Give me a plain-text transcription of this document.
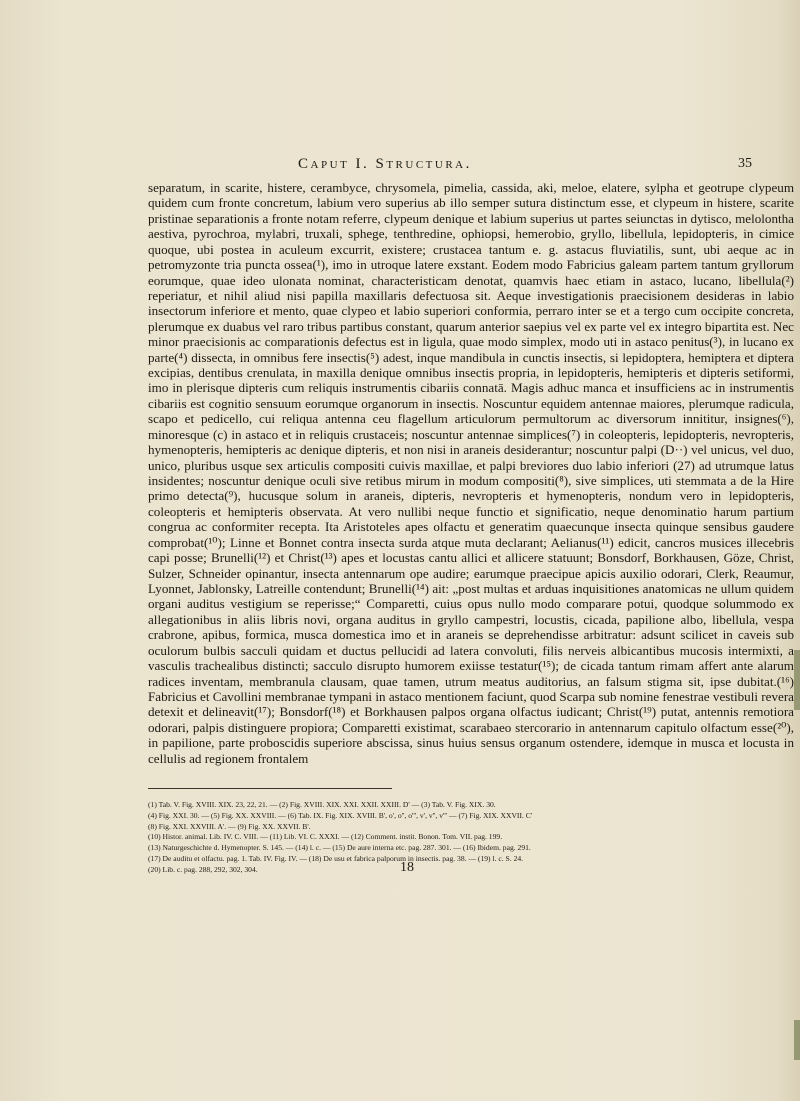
Caput I. Structura.	35

separatum, in scarite, histere, cerambyce, chrysomela, pimelia, cassida, aki, meloe, elatere, sylpha et geotrupe clypeum quidem cum fronte concretum, labium vero superius ab illo semper sutura distinctum esse, et clypeum in histere, scarite pristinae separationis a fronte notam referre, clypeum denique et labium superius ut partes seiunctas in dytisco, melolontha aestiva, pyrochroa, mylabri, truxali, sphege, tenthredine, ophiopsi, hemerobio, gryllo, libellula, lepidopteris, in cimice quoque, ubi postea in aculeum excurrit, existere; crustacea tantum e. g. astacus fluviatilis, sunt, ubi aeque ac in petromyzonte tria puncta ossea(¹), imo in utroque latere exstant. Eodem modo Fabricius galeam partem tantum gryllorum eorumque, quae ideo ulonata nominat, characteristicam denotat, quamvis haec etiam in astaco, lucano, libellula(²) reperiatur, et nihil aliud nisi papilla maxillaris defectuosa sit. Aeque investigationis praecisionem desideras in labio insectorum inferiore et mento, quae clypeo et labio superiori conformia, perraro inter se et a tergo cum occipite concreta, plerumque ex duabus vel raro tribus partibus constant, quarum anterior saepius vel ex parte vel ex integro bipartita est. Nec minor praecisionis ac comparationis defectus est in ligula, quae modo simplex, modo uti in astaco penitus(³), in lucano ex parte(⁴) dissecta, in omnibus fere insectis(⁵) adest, inque mandibula in cunctis insectis, si lepidoptera, hemiptera et diptera excipias, dentibus crenulata, in maxilla denique omnibus insectis propria, in lepidopteris, hemipteris et dipteris setiformi, imo in plerisque dipteris cum reliquis instrumentis cibariis connatā. Magis adhuc manca et insufficiens ac in instrumentis cibariis est cognitio sensuum eorumque organorum in insectis. Noscuntur equidem antennae maiores, plerumque radicula, scapo et pedicello, cui reliqua antenna ceu flagellum articulorum permultorum ac diversorum innititur, insignes(⁶), minoresque (c) in astaco et in reliquis crustaceis; noscuntur antennae simplices(⁷) in coleopteris, lepidopteris, nevropteris, hymenopteris, hemipteris ac denique dipteris, et non nisi in araneis desiderantur; noscuntur palpi (D··) vel unicus, vel duo, unico, pluribus usque sex articulis compositi cuivis maxillae, et palpi breviores duo labio inferiori (27) ad utrumque latus insidentes; noscuntur denique oculi sive retibus mirum in modum compositi(⁸), sive simplices, uti stemmata a de la Hire primo detecta(⁹), hucusque solum in araneis, dipteris, nevropteris et hymenopteris, nondum vero in lepidopteris, coleopteris et hemipteris observata. At vero nullibi neque functio et significatio, neque denominatio harum partium congrua ac conformiter recepta. Ita Aristoteles apes olfactu et generatim quaecunque insecta quinque sensibus gaudere comprobat(¹⁰); Linne et Bonnet contra insecta surda atque muta declarant; Aelianus(¹¹) edicit, cancros musices illecebris capi posse; Brunelli(¹²) et Christ(¹³) apes et locustas cantu allici et allicere statuunt; Bonsdorf, Borkhausen, Göze, Christ, Sulzer, Schneider opinantur, insecta antennarum ope audire; earumque praecipue apicis auxilio odorari, Clerk, Reaumur, Lyonnet, Jablonsky, Latreille contendunt; Brunelli(¹⁴) ait: „post multas et arduas inquisitiones anatomicas ne ullum quidem organi auditus vestigium se reperisse;“ Comparetti, cuius opus nullo modo comparare potui, quodque solummodo ex allegationibus in aliis libris novi, organa auditus in gryllo campestri, locustis, cicada, papilione albo, libellula, vespa crabrone, apibus, formica, musca domestica imo et in araneis se deprehendisse arbitratur: adsunt scilicet in caveis sub oculorum bulbis sacculi quidam et ductus pellucidi ad latera convoluti, filis nerveis albicantibus mucosis intermixti, a vasculis trachealibus distincti; sacculo disrupto humorem exiisse testatur(¹⁵); de cicada tantum rimam affert ante alarum radices inventam, membranula clausam, quae tamen, utrum meatus auditorius, an falsum stigma sit, ipse dubitat.(¹⁶) Fabricius et Cavollini membranae tympani in astaco mentionem faciunt, quod Scarpa sub nomine fenestrae vestibuli revera detexit et delineavit(¹⁷); Bonsdorf(¹⁸) et Borkhausen palpos organa olfactus iudicant; Christ(¹⁹) putat, antennis remotiora odorari, palpis distinguere propiora; Comparetti existimat, scarabaeo stercorario in antennarum capitulo olfactum esse(²⁰), in papilione, parte proboscidis superiore abscissa, sinus huius sensus organum ostendere, idemque in musca et locusta in cellulis ad regionem frontalem

(1) Tab. V. Fig. XVIII. XIX. 23, 22, 21. — (2) Fig. XVIII. XIX. XXI. XXII. XXIII. D' — (3) Tab. V. Fig. XIX. 30.
(4) Fig. XXI. 30. — (5) Fig. XX. XXVIII. — (6) Tab. IX. Fig. XIX. XVIII. B', o', o'', o''', v', v'', v''' — (7) Fig. XIX. XXVII. C'
(8) Fig. XXI. XXVIII. A'. — (9) Fig. XX. XXVII. B'.
(10) Histor. animal. Lib. IV. C. VIII. — (11) Lib. VI. C. XXXI. — (12) Comment. instit. Bonon. Tom. VII. pag. 199.
(13) Naturgeschichte d. Hymenopter. S. 145. — (14) l. c. — (15) De aure interna etc. pag. 287. 301. — (16) Ibidem. pag. 291.
(17) De auditu et olfactu. pag. 1. Tab. IV. Fig. IV. — (18) De usu et fabrica palporum in insectis. pag. 38. — (19) l. c. S. 24.
(20) Lib. c. pag. 288, 292, 302, 304.	18
